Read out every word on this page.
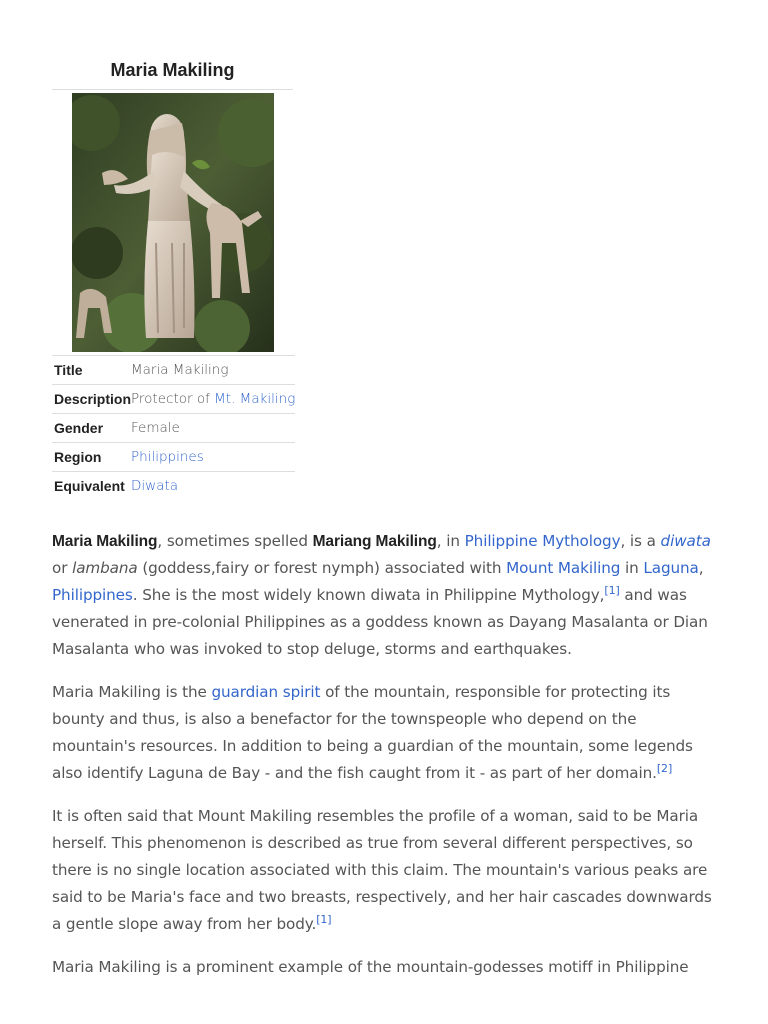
Maria Makiling
Title	Maria Makiling
Description	Protector of Mt. Makiling
Gender	Female
Region	Philippines
Equivalent	Diwata

Maria Makiling, sometimes spelled Mariang Makiling, in Philippine Mythology, is a diwata or lambana (goddess,fairy or forest nymph) associated with Mount Makiling in Laguna, Philippines. She is the most widely known diwata in Philippine Mythology,[1] and was venerated in pre-colonial Philippines as a goddess known as Dayang Masalanta or Dian Masalanta who was invoked to stop deluge, storms and earthquakes.

Maria Makiling is the guardian spirit of the mountain, responsible for protecting its bounty and thus, is also a benefactor for the townspeople who depend on the mountain's resources. In addition to being a guardian of the mountain, some legends also identify Laguna de Bay - and the fish caught from it - as part of her domain.[2]

It is often said that Mount Makiling resembles the profile of a woman, said to be Maria herself. This phenomenon is described as true from several different perspectives, so there is no single location associated with this claim. The mountain's various peaks are said to be Maria's face and two breasts, respectively, and her hair cascades downwards a gentle slope away from her body.[1]

Maria Makiling is a prominent example of the mountain-godesses motiff in Philippine
